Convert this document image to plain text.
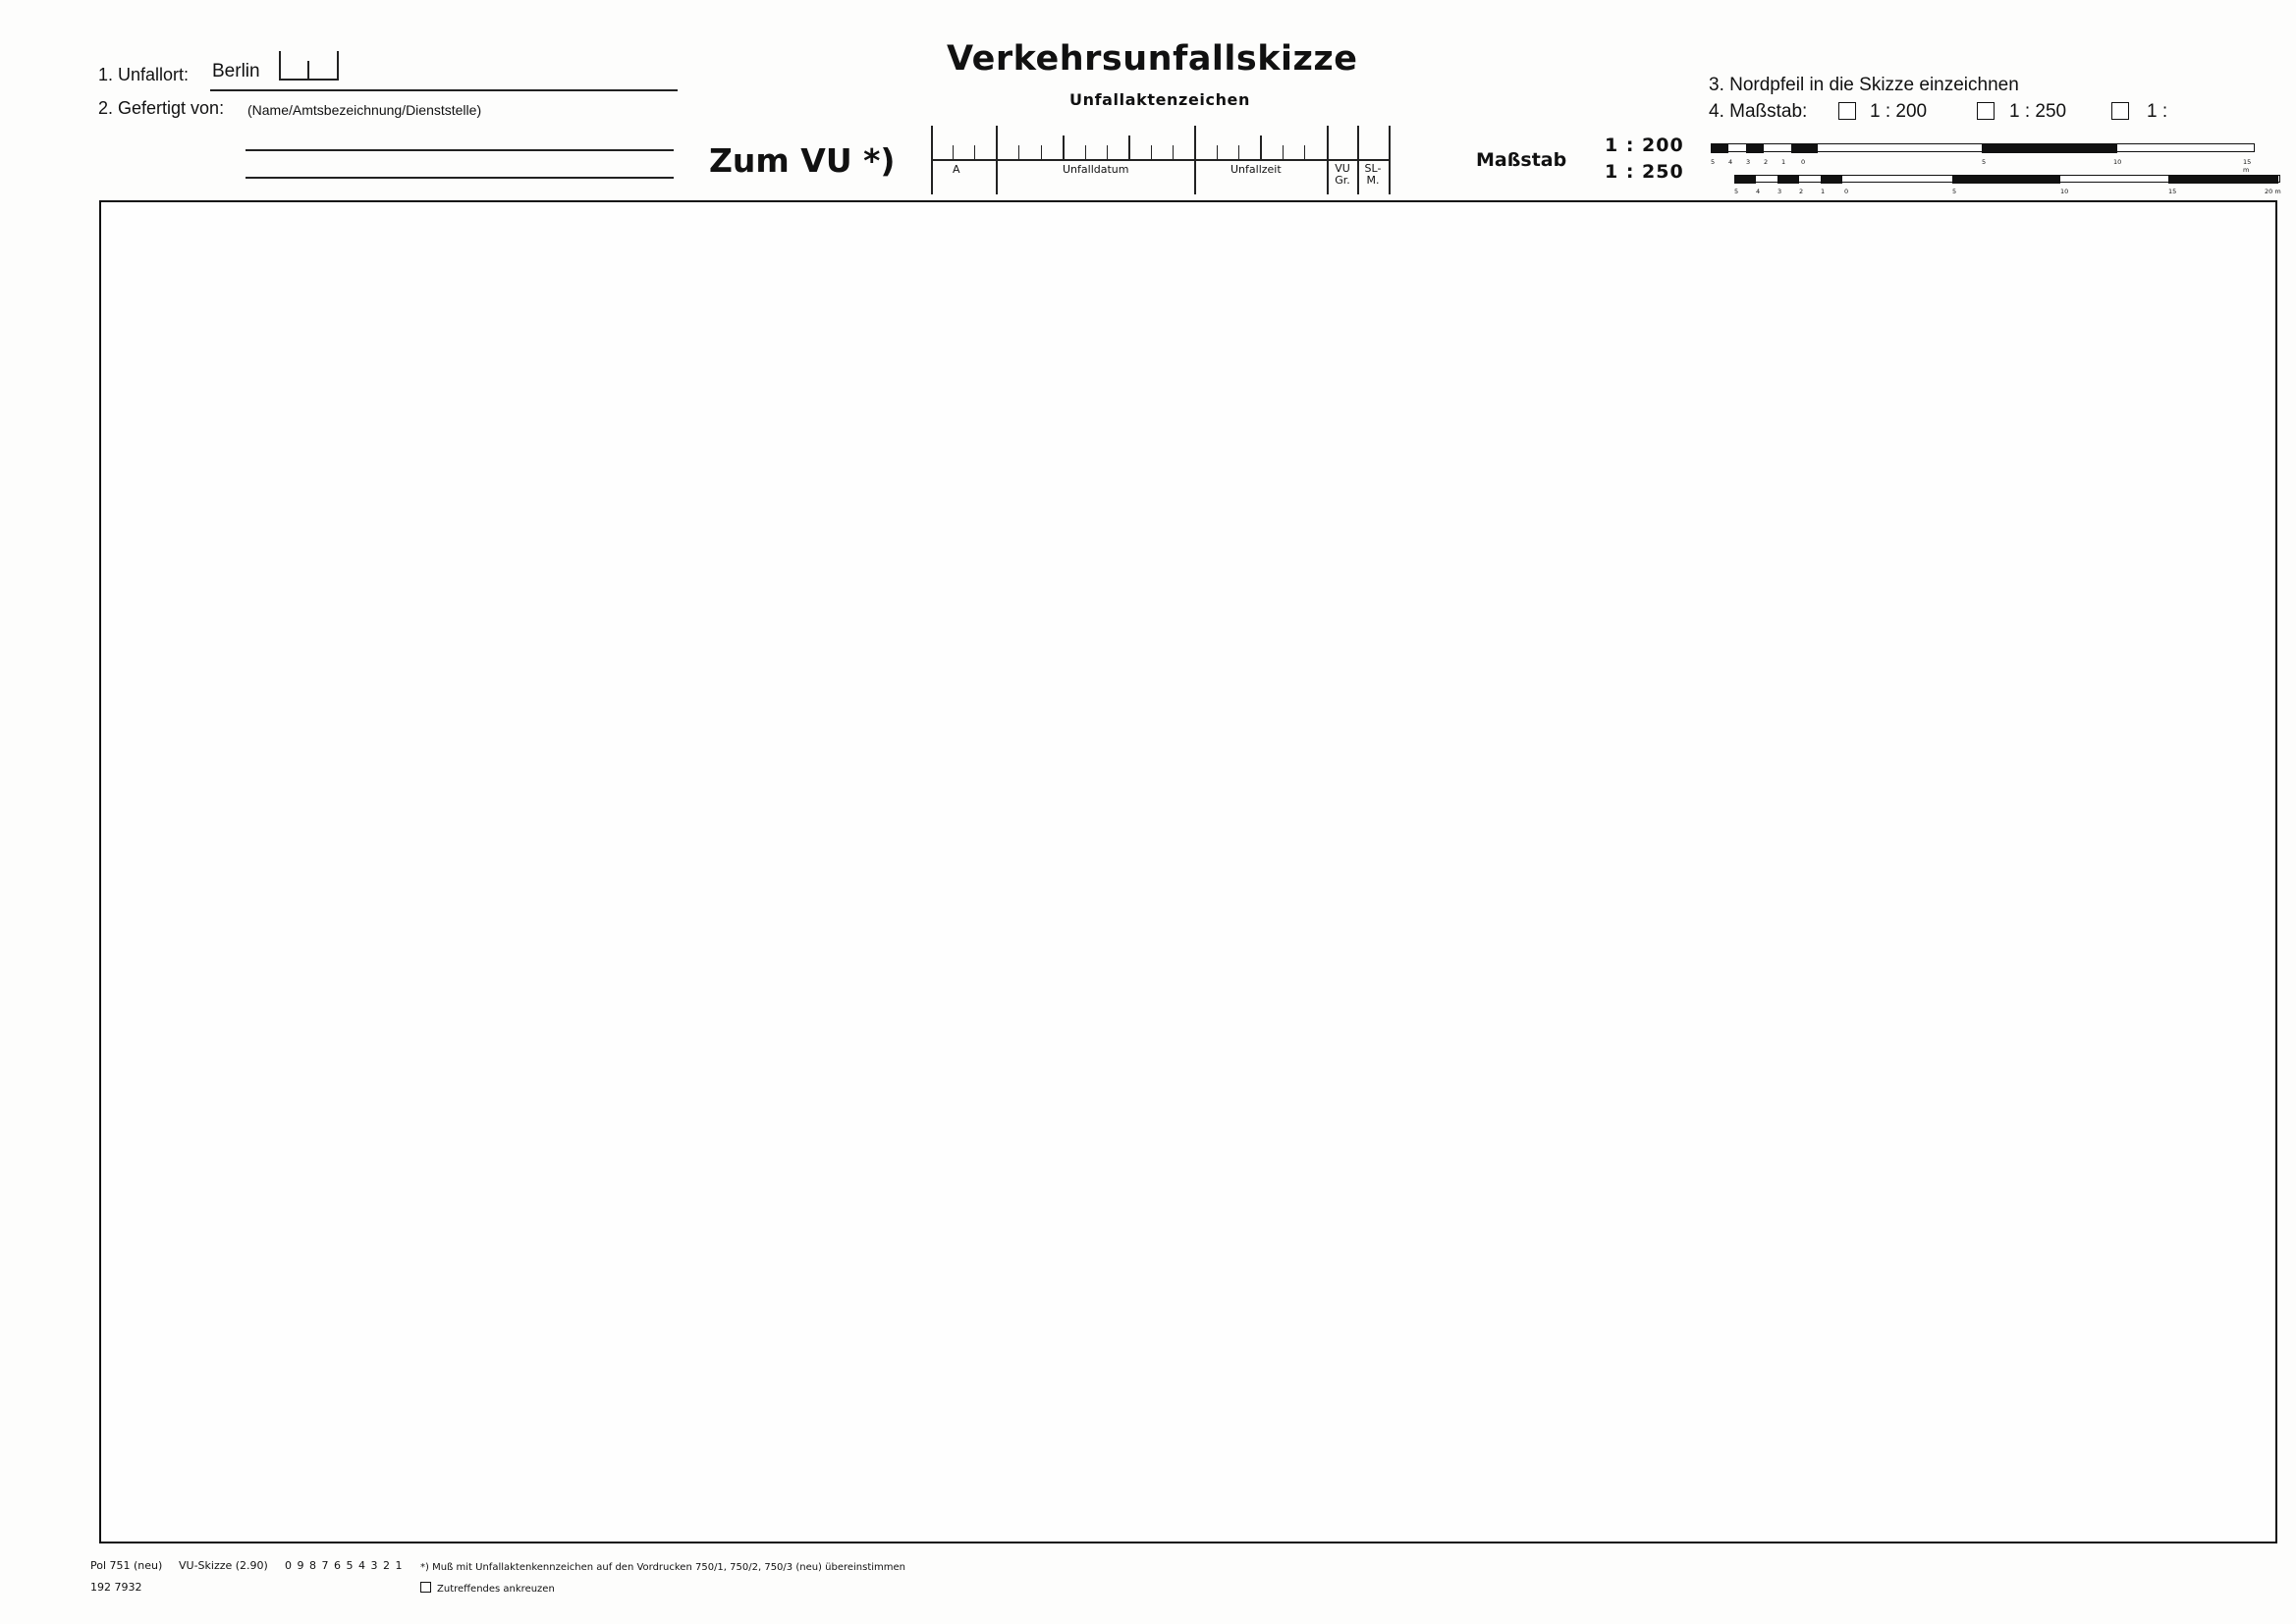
1. Unfallort: Berlin
2. Gefertigt von: (Name/Amtsbezeichnung/Dienststelle)
Verkehrsunfallskizze
Unfallaktenzeichen
Zum VU *)	A	Unfalldatum	Unfallzeit	VU Gr.
SL- M.
3. Nordpfeil in die Skizze einzeichnen
4. Maßstab:	1 : 200	1 : 250	1 :
Maßstab
1 : 200
1 : 250	5 4 3 2 1 0	5	10	15 m
5	4	3	2	1	0	5	10	15	20 m
Pol 751 (neu) VU-Skizze (2.90) 0 9 8 7 6 5 4 3 2 1
192 7932
*) Muß mit Unfallaktenkennzeichen auf den Vordrucken 750/1, 750/2, 750/3 (neu) übereinstimmen
Zutreffendes ankreuzen
